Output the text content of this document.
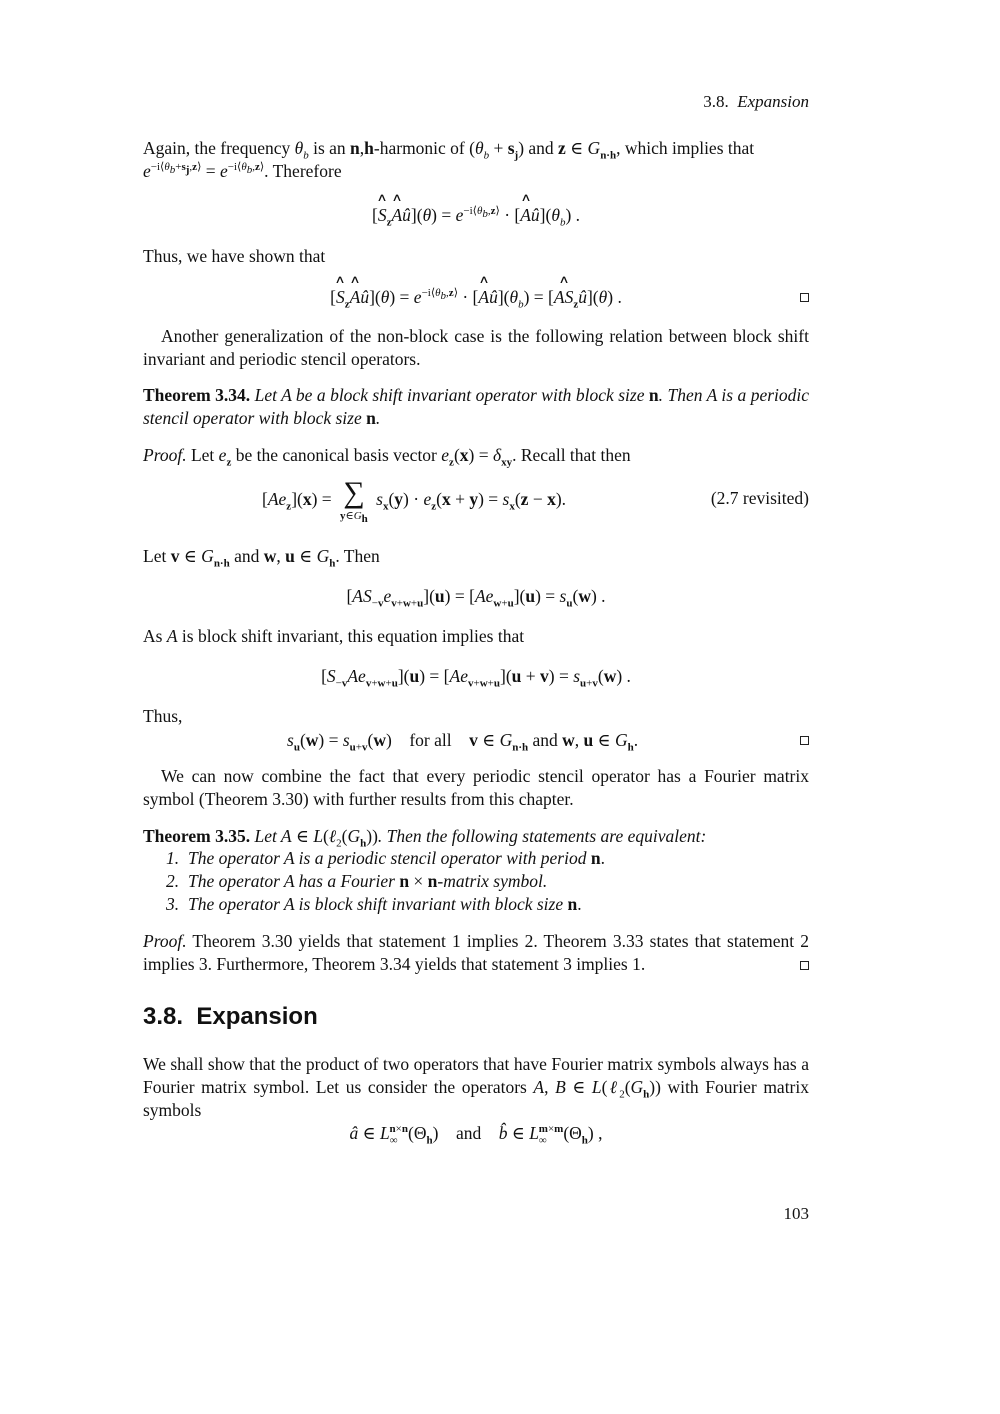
3.8. Expansion
Again, the frequency $\theta_b$ is an n,h-harmonic of $(\theta_b + s_j)$ and z ∈ $G_{n\cdot h}$, which implies that
$e^{-i⟨\theta_b+s_j,z⟩} = e^{-i⟨\theta_b,z⟩}$. Therefore
[∧ $S_z\wedge$ Aû](θ) = $e^{-i⟨\theta_b,z⟩}$ · [∧ $Aû](\theta_b)$ .
Thus, we have shown that
[∧ $S_z\wedge$ Aû](θ) = $e^{-i⟨\theta_b,z⟩}$ · [∧ $Aû](\theta_b)$ = [∧ $AS_zû](\theta)$ .
Another generalization of the non-block case is the following relation between block shift invariant and periodic stencil operators.
Theorem 3.34. Let A be a block shift invariant operator with block size n. Then A is a periodic stencil operator with block size n.
Proof. Let $e_z$ be the canonical basis vector $e_z(x) = \delta_{xy}$. Recall that then
$[Ae_z](x)$ = ∑
$y\in G_h$
$s_x(y) \cdot e_z(x + y) = s_x(z - x)$.	(2.7 revisited)
Let v ∈ $G_{n\cdot h}$ and w, u ∈ $G_h$. Then
$[AS_{-v}e_{v+w+u}](u) = [Ae_{w+u}](u) = s_u(w)$ .
As A is block shift invariant, this equation implies that
$[S_{-v}Ae_{v+w+u}](u) = [Ae_{v+w+u}](u + v) = s_{u+v}(w)$ .
Thus,
$s_u(w) = s_{u+v}(w)$    for all v ∈ $G_{n\cdot h}$ and w, u ∈ $G_h$.
We can now combine the fact that every periodic stencil operator has a Fourier matrix symbol (Theorem 3.30) with further results from this chapter.
Theorem 3.35. Let A ∈ $L(\ell_2(G_h))$. Then the following statements are equivalent:
1. The operator A is a periodic stencil operator with period n.
2. The operator A has a Fourier n × n-matrix symbol.
3. The operator A is block shift invariant with block size n.
Proof. Theorem 3.30 yields that statement 1 implies 2. Theorem 3.33 states that statement 2 implies 3. Furthermore, Theorem 3.34 yields that statement 3 implies 1.
3.8. Expansion
We shall show that the product of two operators that have Fourier matrix symbols always has a Fourier matrix symbol. Let us consider the operators A, B ∈ $L(\ell_2(G_h))$ with Fourier matrix symbols
â ∈ $L_\infty^{n\times n}(\Theta_h)$    and b̂ ∈ $L_\infty^{m\times m}(\Theta_h)$ ,
103
